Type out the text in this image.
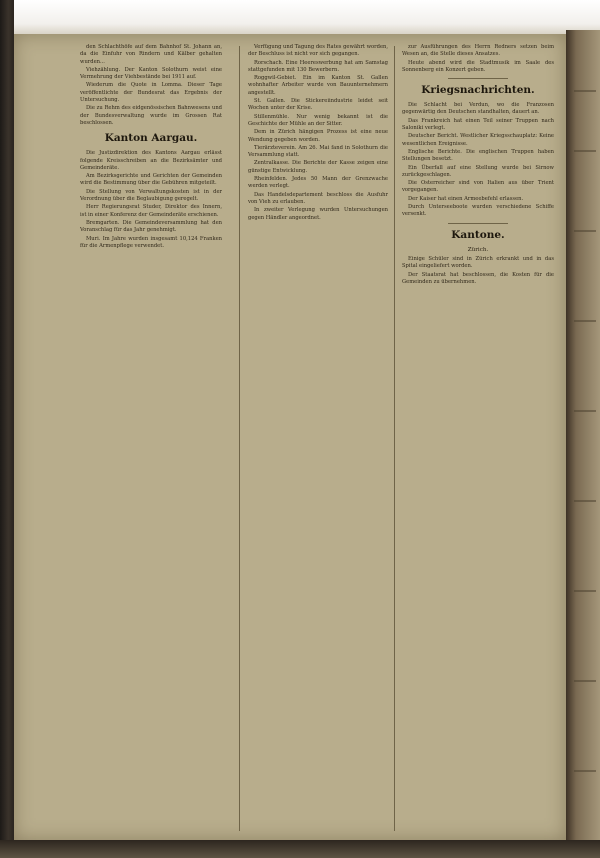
den Schlachthöfe auf dem Bahnhof St. Johann an, da die Einfuhr von Rindern und Kälber gehalten wurden...

Viehzählung. Der Kanton Solothurn weist eine Vermehrung der Viehbestände bei 1911 auf.

Wiederum die Quote in Lomma. Dieser Tage veröffentlichte der Bundesrat das Ergebnis der Untersuchung.

Die zu Rehm des eidgenössischen Bahnwesens und der Bundesverwaltung wurde im Grossen Rat beschlossen.

Kanton Aargau.

Die Justizdirektion des Kantons Aargau erlässt folgende Kreisschreiben an die Bezirksämter und Gemeinderäte.

Am Bezirksgerichte und Gerichten der Gemeinden wird die Bestimmung über die Gebühren mitgeteilt.

Die Stellung von Verwaltungskosten ist in der Verordnung über die Beglaubigung geregelt.

Herr Regierungsrat Studer, Direktor des Innern, ist in einer Konferenz der Gemeinderäte erschienen.

Bremgarten. Die Gemeindeversammlung hat den Voranschlag für das Jahr genehmigt.

Muri. Im Jahre wurden insgesamt 10,124 Franken für die Armenpflege verwendet.

Verfügung und Tagung des Rates gewährt worden, der Beschluss ist nicht vor sich gegangen.

Rorschach. Eine Heereswerbung hat am Samstag stattgefunden mit 130 Bewerbern.

Roggwil-Gebiet. Ein im Kanton St. Gallen wohnhafter Arbeiter wurde von Bauunternehmern angestellt.

St. Gallen. Die Stickereiindustrie leidet seit Wochen unter der Krise.

Stillenmühle. Nur wenig bekannt ist die Geschichte der Mühle an der Sitter.

Dem in Zürich hängigen Prozess ist eine neue Wendung gegeben worden.

Tierärzteverein. Am 26. Mai fand in Solothurn die Versammlung statt.

Zentralkasse. Die Berichte der Kasse zeigen eine günstige Entwicklung.

Rheinfelden. Jedes 50 Mann der Grenzwache werden verlegt.

Das Handelsdepartement beschloss die Ausfuhr von Vieh zu erlauben.

In zweiter Verlegung wurden Untersuchungen gegen Händler angeordnet.

zur Ausführungen des Herrn Redners setzen beim Wesen an, die Stelle dieses Ansatzes.

Heute abend wird die Stadtmusik im Saale des Sonnenberg ein Konzert geben.

Kriegsnachrichten.

Die Schlacht bei Verdun, wo die Franzosen gegenwärtig den Deutschen standhalten, dauert an.

Das Frankreich hat einen Teil seiner Truppen nach Saloniki verlegt.

Deutscher Bericht. Westlicher Kriegsschauplatz: Keine wesentlichen Ereignisse.

Englische Berichte. Die englischen Truppen haben Stellungen besetzt.

Ein Überfall auf eine Stellung wurde bei Sirnow zurückgeschlagen.

Die Osterreicher sind von Italien aus über Trient vorgegangen.

Der Kaiser hat einen Armeebefehl erlassen.

Durch Unterseeboote wurden verschiedene Schiffe versenkt.

Kantone.
Zürich.

Einige Schüler sind in Zürich erkrankt und in das Spital eingeliefert worden.

Der Staatsrat hat beschlossen, die Kosten für die Gemeinden zu übernehmen.
